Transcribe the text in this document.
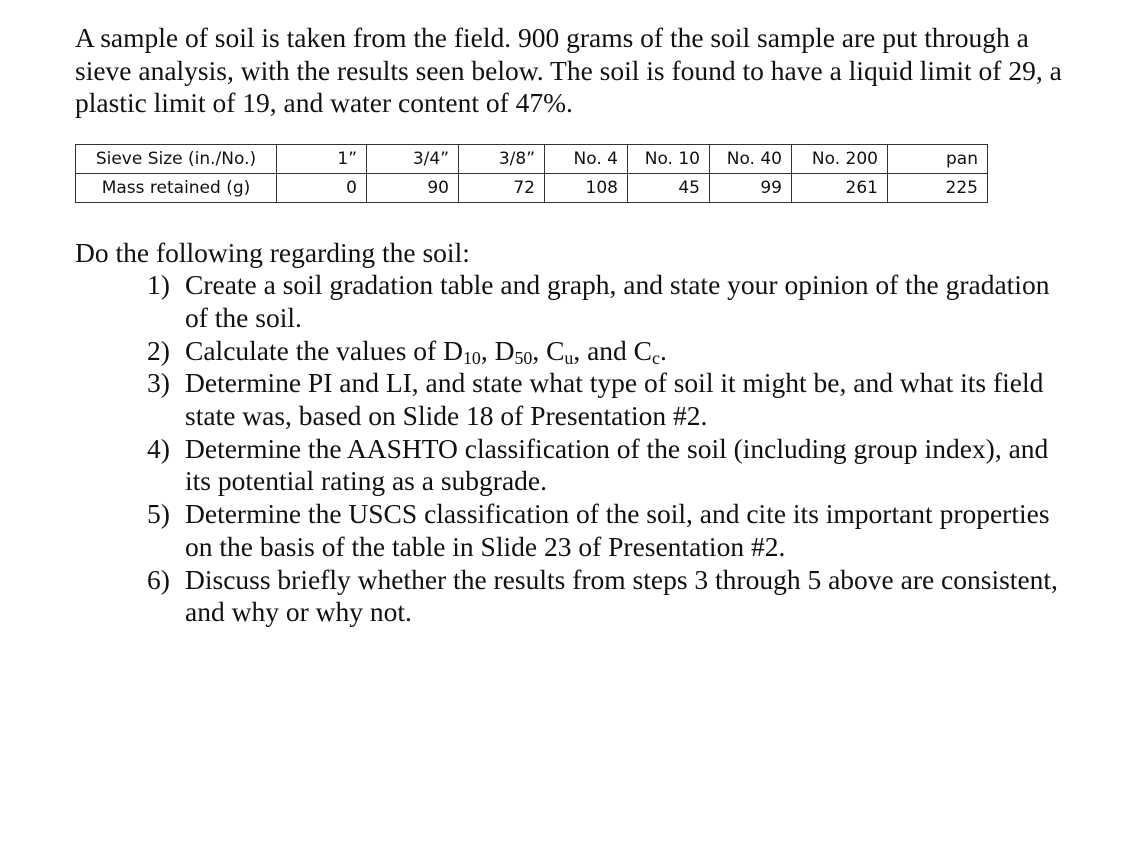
A sample of soil is taken from the field. 900 grams of the soil sample are put through a sieve analysis, with the results seen below. The soil is found to have a liquid limit of 29, a plastic limit of 19, and water content of 47%.

Sieve Size (in./No.)	1”	3/4”	3/8”	No. 4	No. 10	No. 40	No. 200	pan
Mass retained (g)	0	90	72	108	45	99	261	225

Do the following regarding the soil:

1) Create a soil gradation table and graph, and state your opinion of the gradation of the soil.
2) Calculate the values of $D_{10}$, $D_{50}$, $C_u$, and $C_c$.
3) Determine PI and LI, and state what type of soil it might be, and what its field state was, based on Slide 18 of Presentation #2.
4) Determine the AASHTO classification of the soil (including group index), and its potential rating as a subgrade.
5) Determine the USCS classification of the soil, and cite its important properties on the basis of the table in Slide 23 of Presentation #2.
6) Discuss briefly whether the results from steps 3 through 5 above are consistent, and why or why not.
